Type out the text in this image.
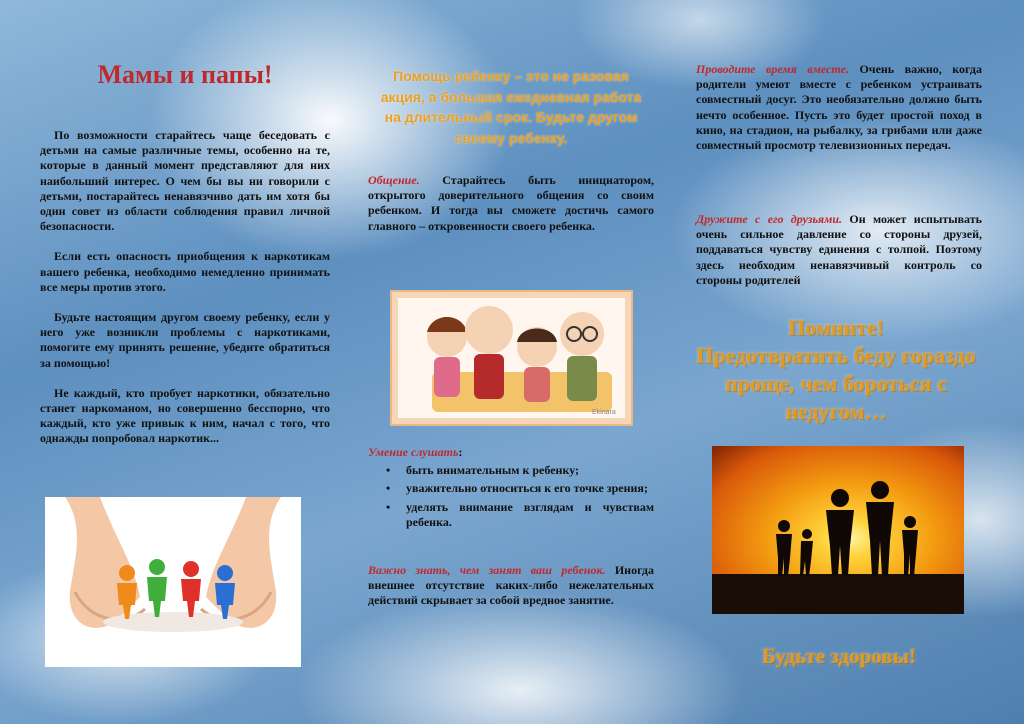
Мамы и папы!

По возможности старайтесь чаще беседовать с детьми на самые различные темы, особенно на те, которые в данный момент представляют для них наибольший интерес. О чем бы вы ни говорили с детьми, постарайтесь ненавязчиво дать им хотя бы один совет из области соблюдения правил личной безопасности.

Если есть опасность приобщения к наркотикам вашего ребенка, необходимо немедленно принимать все меры против этого.

Будьте настоящим другом своему ребенку, если у него уже возникли проблемы с наркотиками, помогите ему принять решение, убедите обратиться за помощью!

Не каждый, кто пробует наркотики, обязательно станет наркоманом, но совершенно бесспорно, что каждый, кто уже привык к ним, начал с того, что однажды попробовал наркотик...

Помощь ребенку – это не разовая акция, а большая ежедневная работа на длительный срок. Будьте другом своему ребенку.

Общение. Старайтесь быть инициатором, открытого доверительного общения со своим ребенком. И тогда вы сможете достичь самого главного – откровенности своего ребенка.

Ekinara

Умение слушать:

• быть внимательным к ребенку;
• уважительно относиться к его точке зрения;
• уделять внимание взглядам и чувствам ребенка.

Важно знать, чем занят ваш ребенок. Иногда внешнее отсутствие каких-либо нежелательных действий скрывает за собой вредное занятие.

Проводите время вместе. Очень важно, когда родители умеют вместе с ребенком устраивать совместный досуг. Это необязательно должно быть нечто особенное. Пусть это будет простой поход в кино, на стадион, на рыбалку, за грибами или даже совместный просмотр телевизионных передач.

Дружите с его друзьями. Он может испытывать очень сильное давление со стороны друзей, поддаваться чувству единения с толпой. Поэтому здесь необходим ненавязчивый контроль со стороны родителей

Помните!
Предотвратить беду гораздо проще, чем бороться с недугом…
Будьте здоровы!
